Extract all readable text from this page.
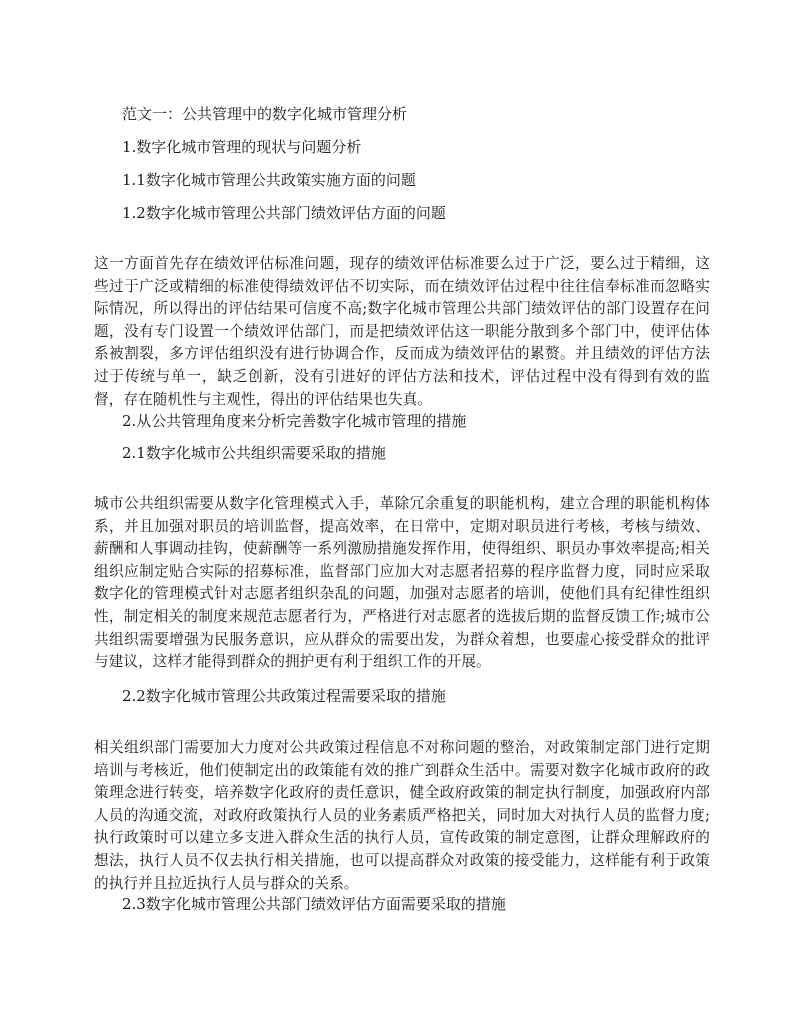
范文一：公共管理中的数字化城市管理分析
1.数字化城市管理的现状与问题分析
1.1数字化城市管理公共政策实施方面的问题
1.2数字化城市管理公共部门绩效评估方面的问题
这一方面首先存在绩效评估标准问题，现存的绩效评估标准要么过于广泛，要么过于精细，这些过于广泛或精细的标准使得绩效评估不切实际，而在绩效评估过程中往往信奉标准而忽略实际情况，所以得出的评估结果可信度不高;数字化城市管理公共部门绩效评估的部门设置存在问题，没有专门设置一个绩效评估部门，而是把绩效评估这一职能分散到多个部门中，使评估体系被割裂，多方评估组织没有进行协调合作，反而成为绩效评估的累赘。并且绩效的评估方法过于传统与单一，缺乏创新，没有引进好的评估方法和技术，评估过程中没有得到有效的监督，存在随机性与主观性，得出的评估结果也失真。
2.从公共管理角度来分析完善数字化城市管理的措施
2.1数字化城市公共组织需要采取的措施
城市公共组织需要从数字化管理模式入手，革除冗余重复的职能机构，建立合理的职能机构体系，并且加强对职员的培训监督，提高效率，在日常中，定期对职员进行考核，考核与绩效、薪酬和人事调动挂钩，使薪酬等一系列激励措施发挥作用，使得组织、职员办事效率提高;相关组织应制定贴合实际的招募标准，监督部门应加大对志愿者招募的程序监督力度，同时应采取数字化的管理模式针对志愿者组织杂乱的问题，加强对志愿者的培训，使他们具有纪律性组织性，制定相关的制度来规范志愿者行为，严格进行对志愿者的选拔后期的监督反馈工作;城市公共组织需要增强为民服务意识，应从群众的需要出发，为群众着想，也要虚心接受群众的批评与建议，这样才能得到群众的拥护更有利于组织工作的开展。
2.2数字化城市管理公共政策过程需要采取的措施
相关组织部门需要加大力度对公共政策过程信息不对称问题的整治，对政策制定部门进行定期培训与考核近，他们使制定出的政策能有效的推广到群众生活中。需要对数字化城市政府的政策理念进行转变，培养数字化政府的责任意识，健全政府政策的制定执行制度，加强政府内部人员的沟通交流，对政府政策执行人员的业务素质严格把关，同时加大对执行人员的监督力度;执行政策时可以建立多支进入群众生活的执行人员，宣传政策的制定意图，让群众理解政府的想法，执行人员不仅去执行相关措施，也可以提高群众对政策的接受能力，这样能有利于政策的执行并且拉近执行人员与群众的关系。
2.3数字化城市管理公共部门绩效评估方面需要采取的措施
